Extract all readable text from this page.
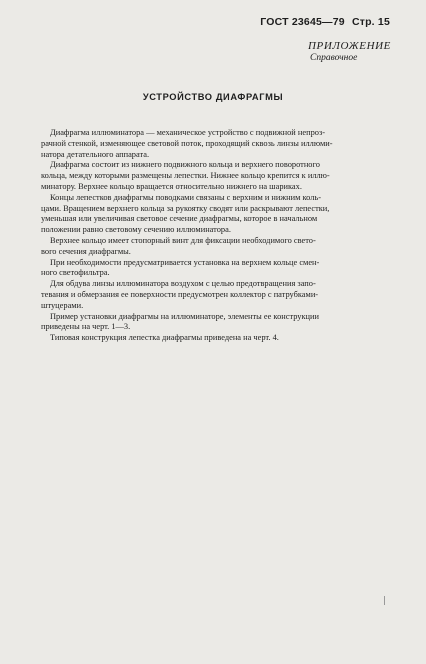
ГОСТ 23645—79 Стр. 15
ПРИЛОЖЕНИЕ
Справочное
УСТРОЙСТВО ДИАФРАГМЫ
Диафрагма иллюминатора — механическое устройство с подвижной непроз-
рачной стенкой, изменяющее световой поток, проходящий сквозь линзы иллюми-
натора детательного аппарата.
Диафрагма состоит из нижнего подвижного кольца и верхнего поворотного
кольца, между которыми размещены лепестки. Нижнее кольцо крепится к иллю-
минатору. Верхнее кольцо вращается относительно нижнего на шариках.
Концы лепестков диафрагмы поводками связаны с верхним и нижним коль-
цами. Вращением верхнего кольца за рукоятку сводят или раскрывают лепестки,
уменьшая или увеличивая световое сечение диафрагмы, которое в начальном
положении равно световому сечению иллюминатора.
Верхнее кольцо имеет стопорный винт для фиксации необходимого свето-
вого сечения диафрагмы.
При необходимости предусматривается установка на верхнем кольце смен-
ного светофильтра.
Для обдува линзы иллюминатора воздухом с целью предотвращения запо-
тевания и обмерзания ее поверхности предусмотрен коллектор с патрубками-
штуцерами.
Пример установки диафрагмы на иллюминаторе, элементы ее конструкции
приведены на черт. 1—3.
Типовая конструкция лепестка диафрагмы приведена на черт. 4.
